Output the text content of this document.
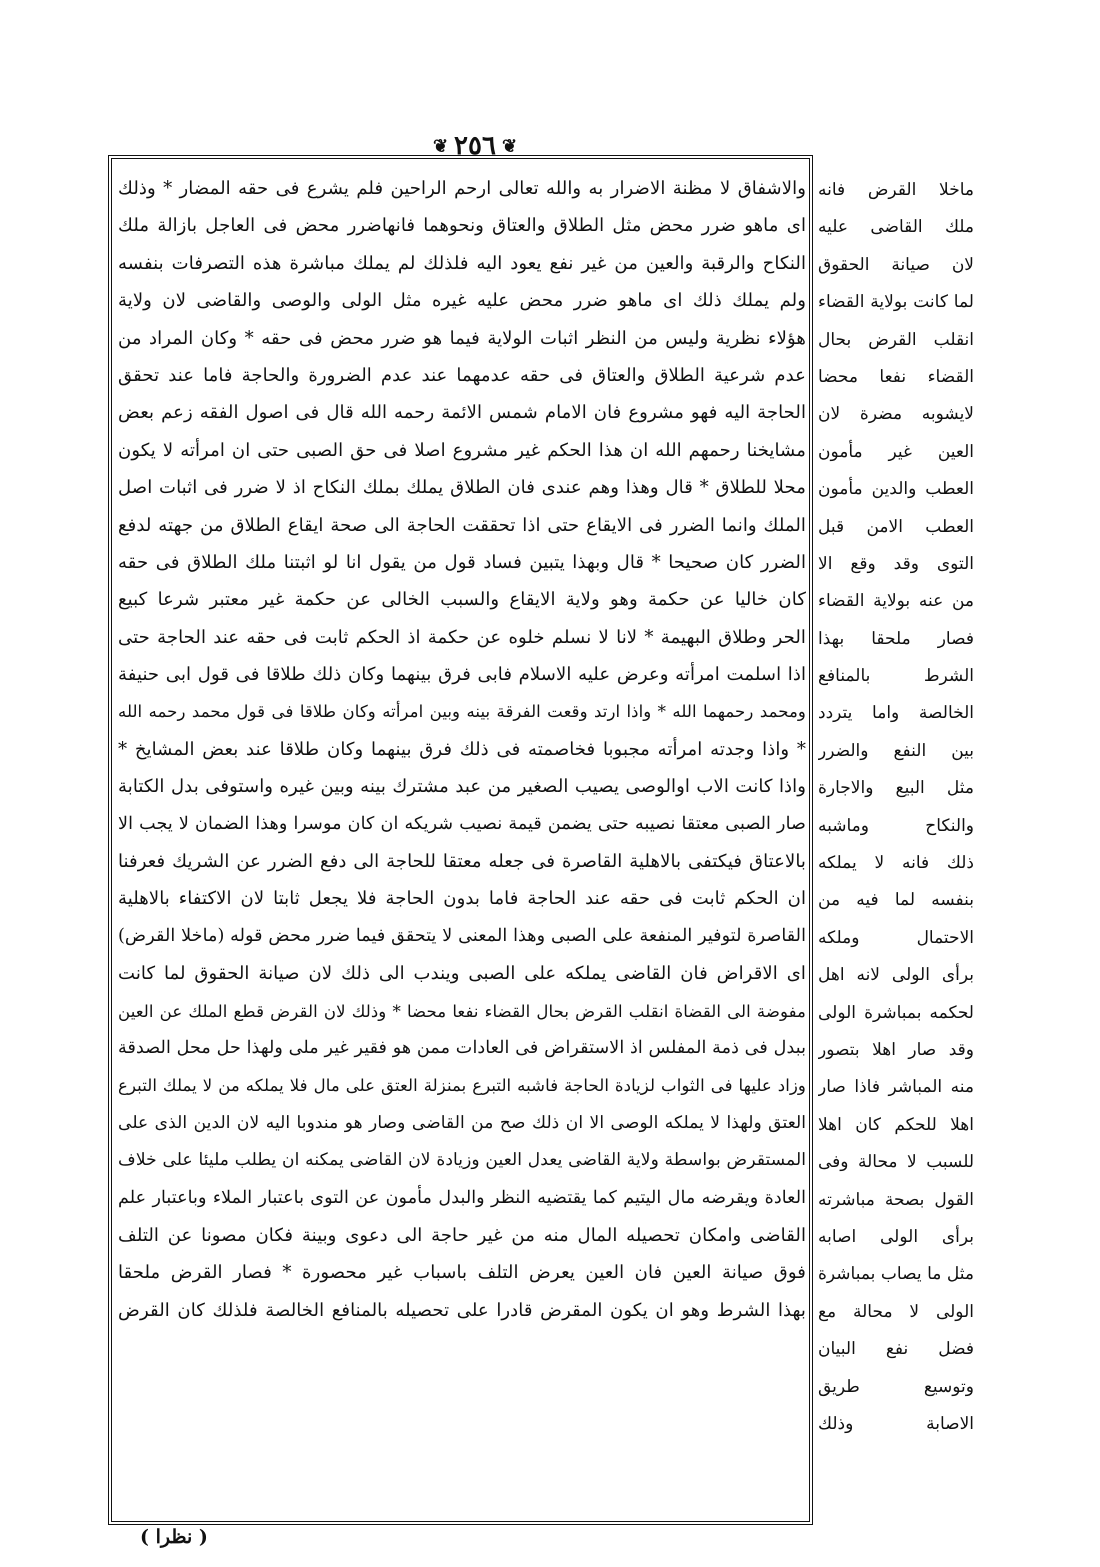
❦ ٢٥٦ ❦
والاشفاق لا مظنة الاضرار به والله تعالى ارحم الراحين فلم يشرع فى حقه المضار * وذلك
اى ماهو ضرر محض مثل الطلاق والعتاق ونحوهما فانهاضرر محض فى العاجل بازالة ملك
النكاح والرقبة والعين من غير نفع يعود اليه فلذلك لم يملك مباشرة هذه التصرفات بنفسه
ولم يملك ذلك اى ماهو ضرر محض عليه غيره مثل الولى والوصى والقاضى لان ولاية
هؤلاء نظرية وليس من النظر اثبات الولاية فيما هو ضرر محض فى حقه * وكان المراد من
عدم شرعية الطلاق والعتاق فى حقه عدمهما عند عدم الضرورة والحاجة فاما عند تحقق
الحاجة اليه فهو مشروع فان الامام شمس الائمة رحمه الله قال فى اصول الفقه زعم بعض
مشايخنا رحمهم الله ان هذا الحكم غير مشروع اصلا فى حق الصبى حتى ان امرأته لا يكون
محلا للطلاق * قال وهذا وهم عندى فان الطلاق يملك بملك النكاح اذ لا ضرر فى اثبات اصل
الملك وانما الضرر فى الايقاع حتى اذا تحققت الحاجة الى صحة ايقاع الطلاق من جهته لدفع
الضرر كان صحيحا * قال وبهذا يتبين فساد قول من يقول انا لو اثبتنا ملك الطلاق فى حقه
كان خاليا عن حكمة وهو ولاية الايقاع والسبب الخالى عن حكمة غير معتبر شرعا كبيع
الحر وطلاق البهيمة * لانا لا نسلم خلوه عن حكمة اذ الحكم ثابت فى حقه عند الحاجة حتى
اذا اسلمت امرأته وعرض عليه الاسلام فابى فرق بينهما وكان ذلك طلاقا فى قول ابى حنيفة
ومحمد رحمهما الله * واذا ارتد وقعت الفرقة بينه وبين امرأته وكان طلاقا فى قول محمد رحمه الله
* واذا وجدته امرأته مجبوبا فخاصمته فى ذلك فرق بينهما وكان طلاقا عند بعض المشايخ *
واذا كانت الاب اوالوصى يصيب الصغير من عبد مشترك بينه وبين غيره واستوفى بدل الكتابة
صار الصبى معتقا نصيبه حتى يضمن قيمة نصيب شريكه ان كان موسرا وهذا الضمان لا يجب الا
بالاعتاق فيكتفى بالاهلية القاصرة فى جعله معتقا للحاجة الى دفع الضرر عن الشريك فعرفنا
ان الحكم ثابت فى حقه عند الحاجة فاما بدون الحاجة فلا يجعل ثابتا لان الاكتفاء بالاهلية
القاصرة لتوفير المنفعة على الصبى وهذا المعنى لا يتحقق فيما ضرر محض قوله (ماخلا القرض)
اى الاقراض فان القاضى يملكه على الصبى ويندب الى ذلك لان صيانة الحقوق لما كانت
مفوضة الى القضاة انقلب القرض بحال القضاء نفعا محضا * وذلك لان القرض قطع الملك عن العين
ببدل فى ذمة المفلس اذ الاستقراض فى العادات ممن هو فقير غير ملى ولهذا حل محل الصدقة
وزاد عليها فى الثواب لزيادة الحاجة فاشبه التبرع بمنزلة العتق على مال فلا يملكه من لا يملك التبرع
العتق ولهذا لا يملكه الوصى الا ان ذلك صح من القاضى وصار هو مندوبا اليه لان الدين الذى على
المستقرض بواسطة ولاية القاضى يعدل العين وزيادة لان القاضى يمكنه ان يطلب مليئا على خلاف
العادة ويقرضه مال اليتيم كما يقتضيه النظر والبدل مأمون عن التوى باعتبار الملاء وباعتبار علم
القاضى وامكان تحصيله المال منه من غير حاجة الى دعوى وبينة فكان مصونا عن التلف
فوق صيانة العين فان العين يعرض التلف باسباب غير محصورة * فصار القرض ملحقا
بهذا الشرط وهو ان يكون المقرض قادرا على تحصيله بالمنافع الخالصة فلذلك كان القرض
ماخلا القرض فانه
ملك القاضى عليه
لان صيانة الحقوق
لما كانت بولاية القضاء
انقلب القرض بحال
القضاء نفعا محضا
لايشوبه مضرة لان
العين غير مأمون
العطب والدين مأمون
العطب الامن قبل
التوى وقد وقع الا
من عنه بولاية القضاء
فصار ملحقا بهذا
الشرط بالمنافع
الخالصة واما يتردد
بين النفع والضرر
مثل البيع والاجارة
والنكاح وماشبه
ذلك فانه لا يملكه
بنفسه لما فيه من
الاحتمال وملكه
برأى الولى لانه اهل
لحكمه بمباشرة الولى
وقد صار اهلا بتصور
منه المباشر فاذا صار
اهلا للحكم كان اهلا
للسبب لا محالة وفى
القول بصحة مباشرته
برأى الولى اصابه
مثل ما يصاب بمباشرة
الولى لا محالة مع
فضل نفع البيان
وتوسيع طريق
الاصابة وذلك
( نظرا )
